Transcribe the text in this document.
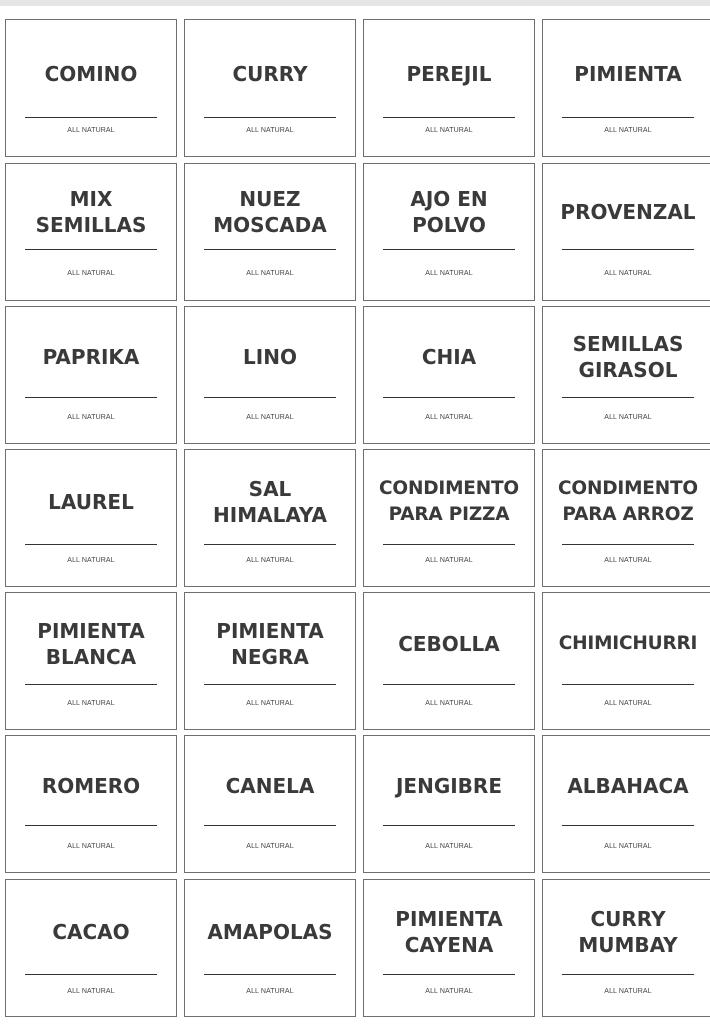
COMINO
ALL NATURAL
CURRY
ALL NATURAL
PEREJIL
ALL NATURAL
PIMIENTA
ALL NATURAL
MIX
SEMILLAS
ALL NATURAL
NUEZ
MOSCADA
ALL NATURAL
AJO EN
POLVO
ALL NATURAL
PROVENZAL
ALL NATURAL
PAPRIKA
ALL NATURAL
LINO
ALL NATURAL
CHIA
ALL NATURAL
SEMILLAS
GIRASOL
ALL NATURAL
LAUREL
ALL NATURAL
SAL
HIMALAYA
ALL NATURAL
CONDIMENTO
PARA PIZZA
ALL NATURAL
CONDIMENTO
PARA ARROZ
ALL NATURAL
PIMIENTA
BLANCA
ALL NATURAL
PIMIENTA
NEGRA
ALL NATURAL
CEBOLLA
ALL NATURAL
CHIMICHURRI
ALL NATURAL
ROMERO
ALL NATURAL
CANELA
ALL NATURAL
JENGIBRE
ALL NATURAL
ALBAHACA
ALL NATURAL
CACAO
ALL NATURAL
AMAPOLAS
ALL NATURAL
PIMIENTA
CAYENA
ALL NATURAL
CURRY
MUMBAY
ALL NATURAL
